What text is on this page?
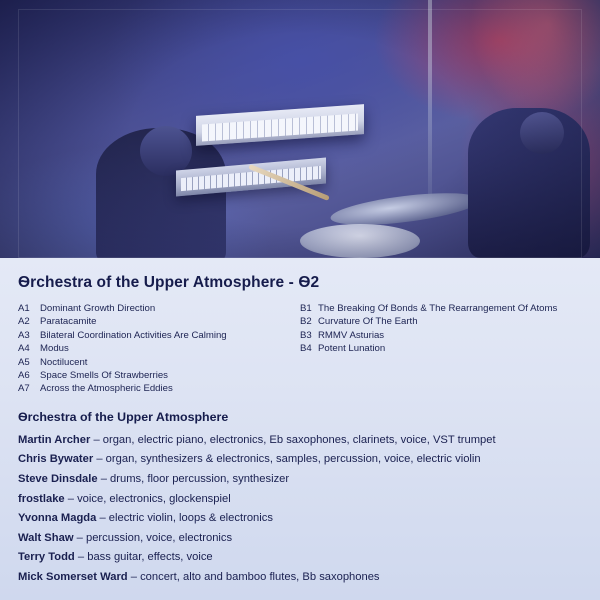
Ѳrchestra of the Upper Atmosphere - Ѳ2
A1	Dominant Growth Direction
A2	Paratacamite
A3	Bilateral Coordination Activities Are Calming
A4	Modus
A5	Noctilucent
A6	Space Smells Of Strawberries
A7	Across the Atmospheric Eddies
B1 The Breaking Of Bonds & The Rearrangement Of Atoms
B2 Curvature Of The Earth
B3 RMMV Asturias
B4 Potent Lunation
Ѳrchestra of the Upper Atmosphere
Martin Archer – organ, electric piano, electronics, Eb saxophones, clarinets, voice, VST trumpet
Chris Bywater – organ, synthesizers & electronics, samples, percussion, voice, electric violin
Steve Dinsdale – drums, floor percussion, synthesizer
frostlake – voice, electronics, glockenspiel
Yvonna Magda – electric violin, loops & electronics
Walt Shaw – percussion, voice, electronics
Terry Todd – bass guitar, effects, voice
Mick Somerset Ward – concert, alto and bamboo flutes, Bb saxophones
